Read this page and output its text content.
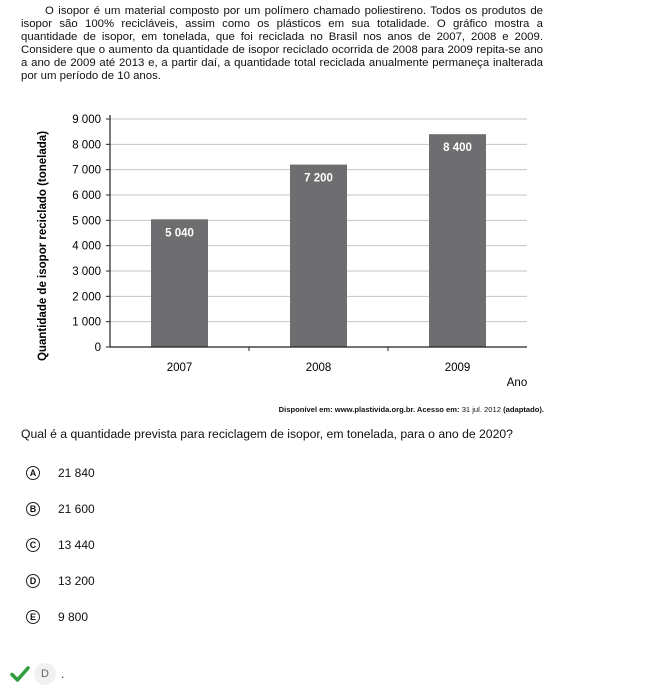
O isopor é um material composto por um polímero chamado poliestireno. Todos os produtos de isopor são 100% recicláveis, assim como os plásticos em sua totalidade. O gráfico mostra a quantidade de isopor, em tonelada, que foi reciclada no Brasil nos anos de 2007, 2008 e 2009. Considere que o aumento da quantidade de isopor reciclado ocorrida de 2008 para 2009 repita-se ano a ano de 2009 até 2013 e, a partir daí, a quantidade total reciclada anualmente permaneça inalterada por um período de 10 anos.

0
1 000
2 000
3 000
4 000
5 000
6 000
7 000
8 000
9 000
2007	2008	2009
5 040
7 200
8 400
Quantidade de isopor reciclado (tonelada)
Ano

Disponível em: www.plastivida.org.br. Acesso em: 31 jul. 2012 (adaptado).

Qual é a quantidade prevista para reciclagem de isopor, em tonelada, para o ano de 2020?

A	21 840
B	21 600
C	13 440
D	13 200
E	9 800
D	.
